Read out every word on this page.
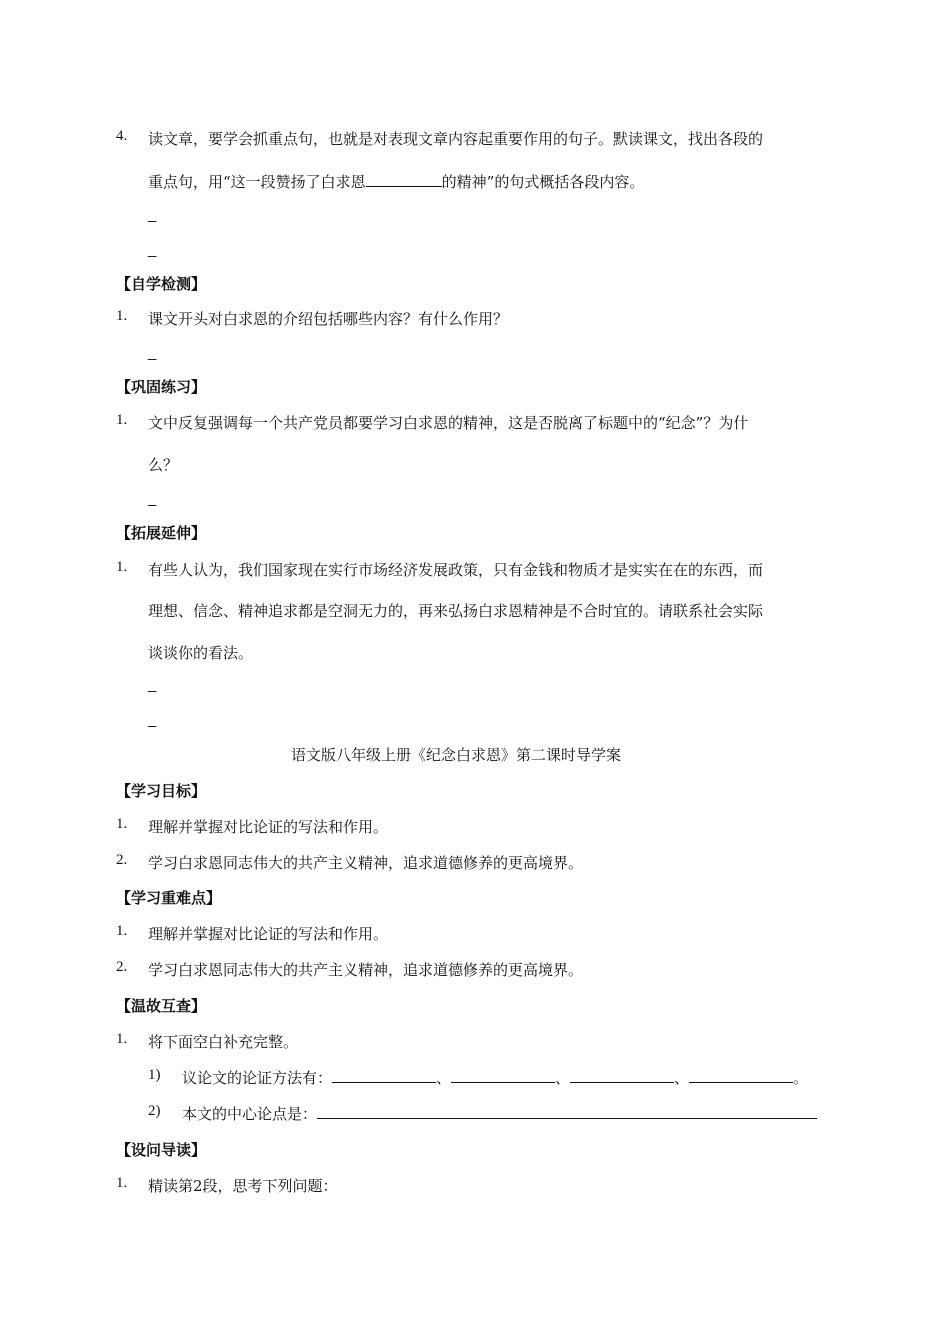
4. 读文章，要学会抓重点句，也就是对表现文章内容起重要作用的句子。默读课文，找出各段的
重点句，用“这一段赞扬了白求恩	的精神”的句式概括各段内容。
_
_
【自学检测】
1. 课文开头对白求恩的介绍包括哪些内容？有什么作用？
_
【巩固练习】
1. 文中反复强调每一个共产党员都要学习白求恩的精神，这是否脱离了标题中的“纪念”？为什
么？
_
【拓展延伸】
1. 有些人认为，我们国家现在实行市场经济发展政策，只有金钱和物质才是实实在在的东西，而
理想、信念、精神追求都是空洞无力的，再来弘扬白求恩精神是不合时宜的。请联系社会实际
谈谈你的看法。
_
_
语文版八年级上册《纪念白求恩》第二课时导学案
【学习目标】
1. 理解并掌握对比论证的写法和作用。
2. 学习白求恩同志伟大的共产主义精神，追求道德修养的更高境界。
【学习重难点】
1. 理解并掌握对比论证的写法和作用。
2. 学习白求恩同志伟大的共产主义精神，追求道德修养的更高境界。
【温故互查】
1. 将下面空白补充完整。
1) 议论文的论证方法有：	、	、	、	。
2) 本文的中心论点是：
【设问导读】
1. 精读第2段，思考下列问题：
